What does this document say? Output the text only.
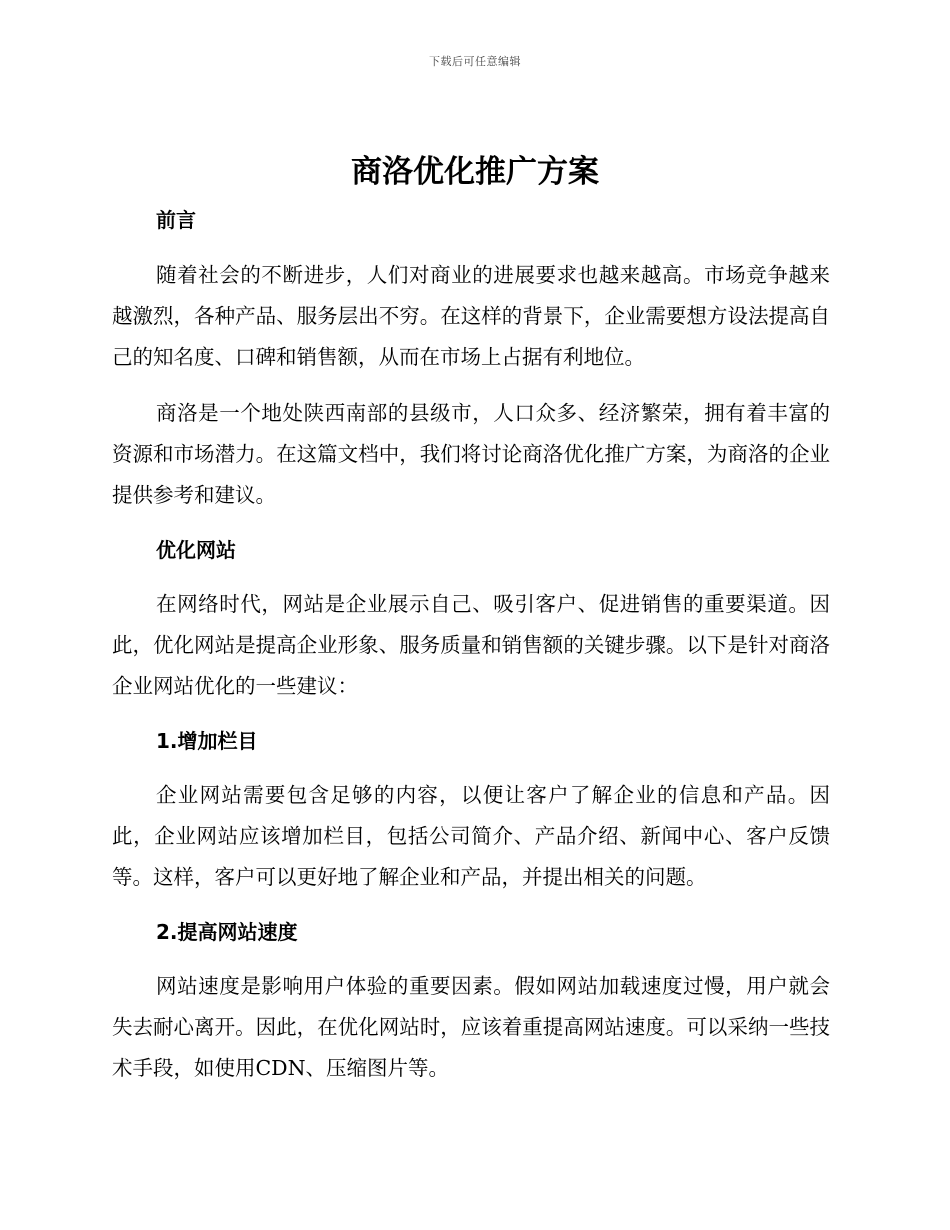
下载后可任意编辑
商洛优化推广方案
前言

随着社会的不断进步，人们对商业的进展要求也越来越高。市场竞争越来越激烈，各种产品、服务层出不穷。在这样的背景下，企业需要想方设法提高自己的知名度、口碑和销售额，从而在市场上占据有利地位。

商洛是一个地处陕西南部的县级市，人口众多、经济繁荣，拥有着丰富的资源和市场潜力。在这篇文档中，我们将讨论商洛优化推广方案，为商洛的企业提供参考和建议。

优化网站

在网络时代，网站是企业展示自己、吸引客户、促进销售的重要渠道。因此，优化网站是提高企业形象、服务质量和销售额的关键步骤。以下是针对商洛企业网站优化的一些建议：

1.增加栏目

企业网站需要包含足够的内容，以便让客户了解企业的信息和产品。因此，企业网站应该增加栏目，包括公司简介、产品介绍、新闻中心、客户反馈等。这样，客户可以更好地了解企业和产品，并提出相关的问题。

2.提高网站速度

网站速度是影响用户体验的重要因素。假如网站加载速度过慢，用户就会失去耐心离开。因此，在优化网站时，应该着重提高网站速度。可以采纳一些技术手段，如使用CDN、压缩图片等。
